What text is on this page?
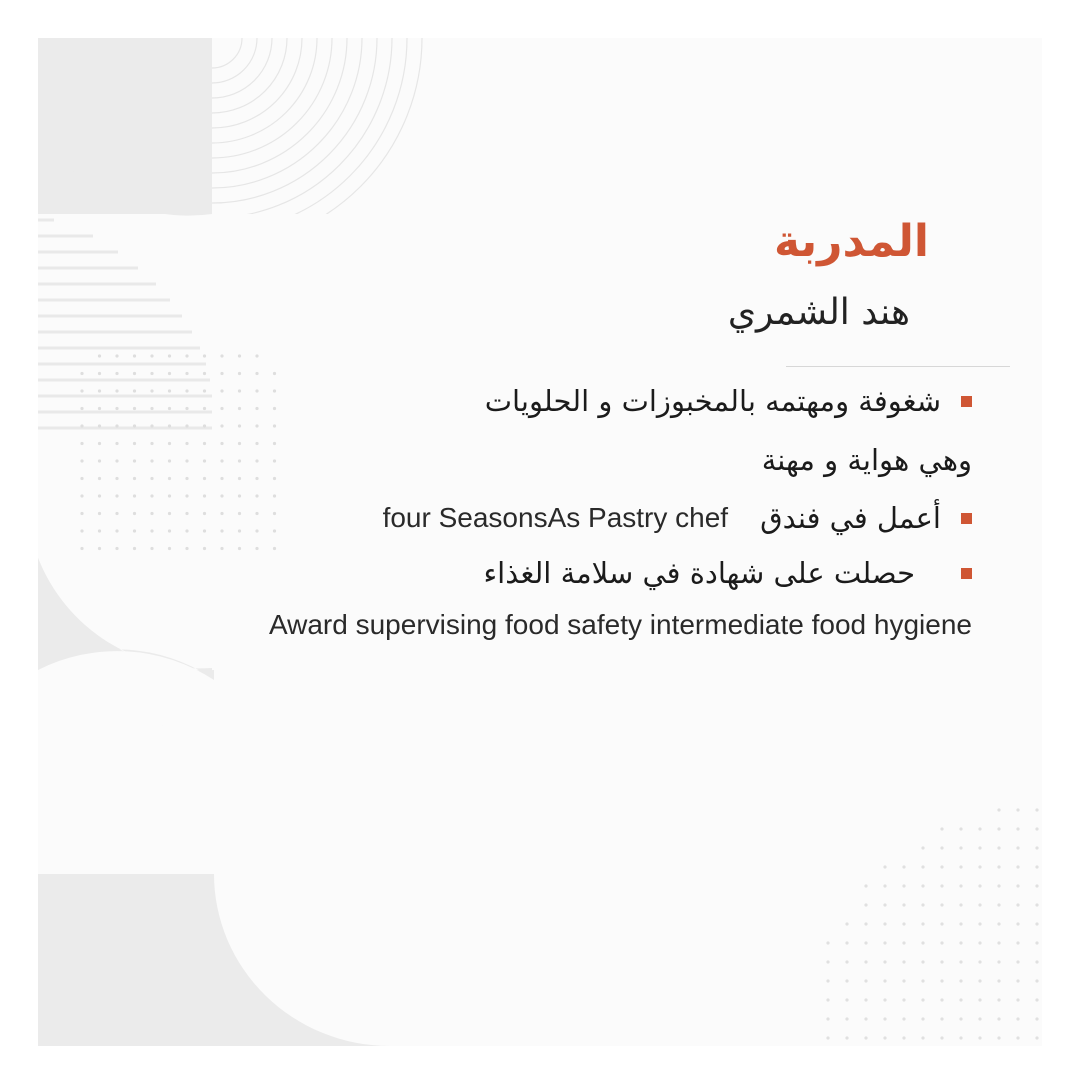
المدربة
هند الشمري
شغوفة ومهتمه بالمخبوزات و الحلويات
وهي هواية و مهنة
أعمل في فندق
four SeasonsAs Pastry chef
حصلت على شهادة في سلامة الغذاء
Award supervising food safety intermediate food hygiene
